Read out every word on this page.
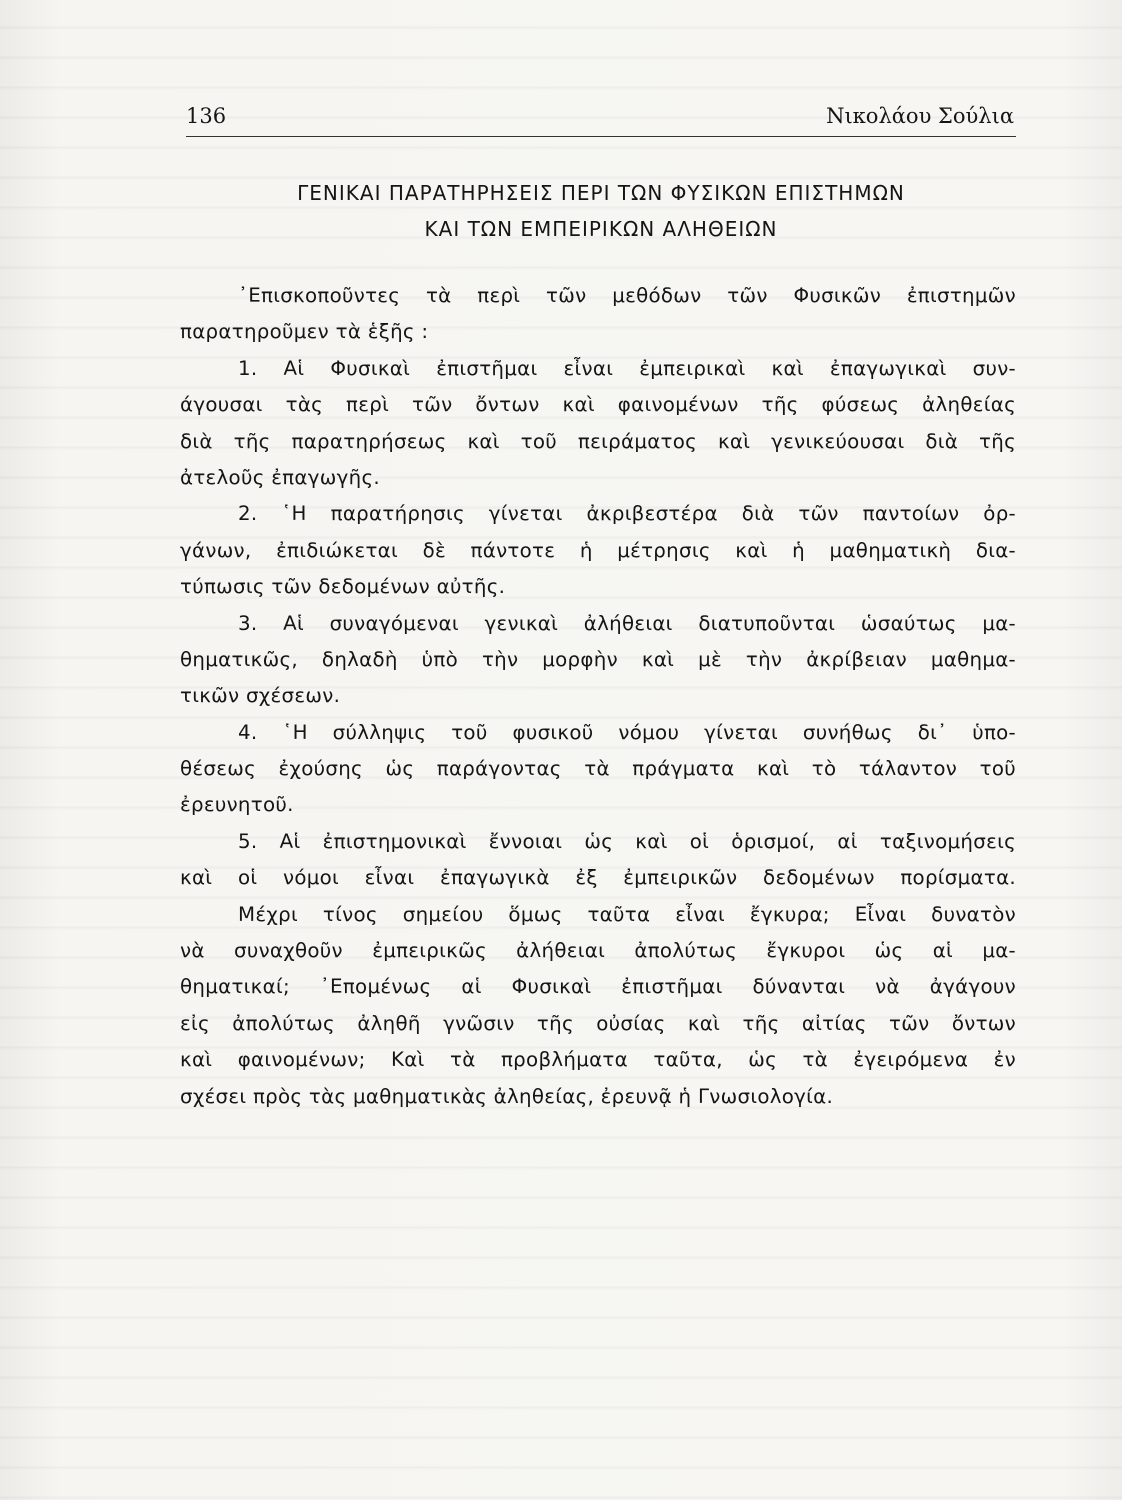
136	Νικολάου Σούλια
ΓΕΝΙΚΑΙ ΠΑΡΑΤΗΡΗΣΕΙΣ ΠΕΡΙ ΤΩΝ ΦΥΣΙΚΩΝ ΕΠΙΣΤΗΜΩΝ
ΚΑΙ ΤΩΝ ΕΜΠΕΙΡΙΚΩΝ ΑΛΗΘΕΙΩΝ
᾿Επισκοποῦντες τὰ περὶ τῶν μεθόδων τῶν Φυσικῶν ἐπιστημῶν
παρατηροῦμεν τὰ ἑξῆς :
1. Αἱ Φυσικαὶ ἐπιστῆμαι εἶναι ἐμπειρικαὶ καὶ ἐπαγωγικαὶ συν-
άγουσαι τὰς περὶ τῶν ὄντων καὶ φαινομένων τῆς φύσεως ἀληθείας
διὰ τῆς παρατηρήσεως καὶ τοῦ πειράματος καὶ γενικεύουσαι διὰ τῆς
ἀτελοῦς ἐπαγωγῆς.
2. ῾Η παρατήρησις γίνεται ἀκριβεστέρα διὰ τῶν παντοίων ὀρ-
γάνων, ἐπιδιώκεται δὲ πάντοτε ἡ μέτρησις καὶ ἡ μαθηματικὴ δια-
τύπωσις τῶν δεδομένων αὐτῆς.
3. Αἱ συναγόμεναι γενικαὶ ἀλήθειαι διατυποῦνται ὡσαύτως μα-
θηματικῶς, δηλαδὴ ὑπὸ τὴν μορφὴν καὶ μὲ τὴν ἀκρίβειαν μαθημα-
τικῶν σχέσεων.
4. ῾Η σύλληψις τοῦ φυσικοῦ νόμου γίνεται συνήθως δι᾿ ὑπο-
θέσεως ἐχούσης ὡς παράγοντας τὰ πράγματα καὶ τὸ τάλαντον τοῦ
ἐρευνητοῦ.
5. Αἱ ἐπιστημονικαὶ ἔννοιαι ὡς καὶ οἱ ὁρισμοί, αἱ ταξινομήσεις
καὶ οἱ νόμοι εἶναι ἐπαγωγικὰ ἐξ ἐμπειρικῶν δεδομένων πορίσματα.
Μέχρι τίνος σημείου ὅμως ταῦτα εἶναι ἔγκυρα; Εἶναι δυνατὸν
νὰ συναχθοῦν ἐμπειρικῶς ἀλήθειαι ἀπολύτως ἔγκυροι ὡς αἱ μα-
θηματικαί; ᾿Επομένως αἱ Φυσικαὶ ἐπιστῆμαι δύνανται νὰ ἀγάγουν
εἰς ἀπολύτως ἀληθῆ γνῶσιν τῆς οὐσίας καὶ τῆς αἰτίας τῶν ὄντων
καὶ φαινομένων; Καὶ τὰ προβλήματα ταῦτα, ὡς τὰ ἐγειρόμενα ἐν
σχέσει πρὸς τὰς μαθηματικὰς ἀληθείας, ἐρευνᾷ ἡ Γνωσιολογία.
